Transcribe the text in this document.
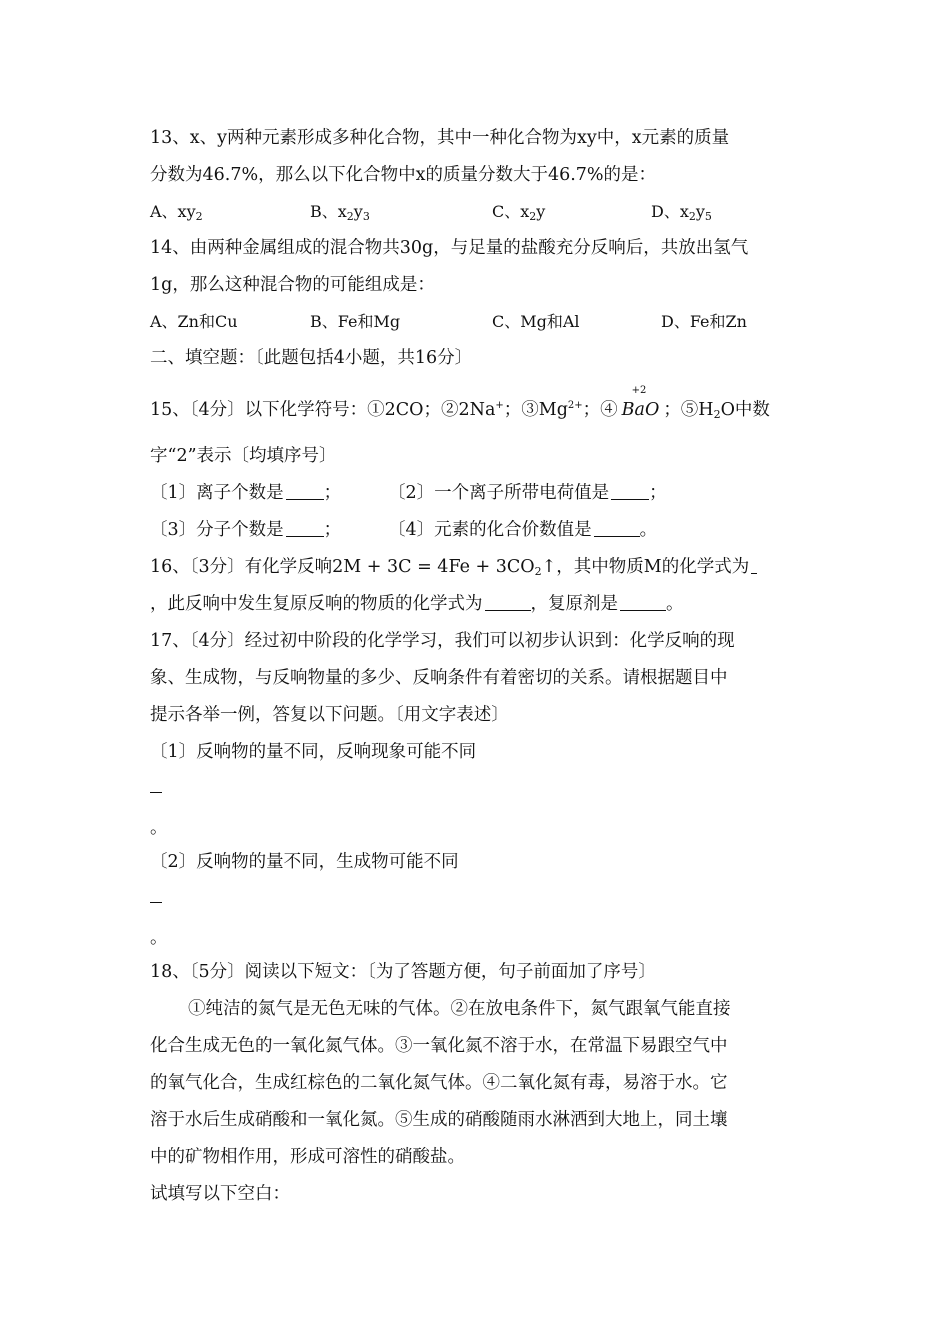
13、x、y两种元素形成多种化合物，其中一种化合物为xy中，x元素的质量
分数为46.7%，那么以下化合物中x的质量分数大于46.7%的是：
A、$xy_2$	B、$x_2y_3$	C、$x_2y$	D、$x_2y_5$
14、由两种金属组成的混合物共30g，与足量的盐酸充分反响后，共放出氢气
1g，那么这种混合物的可能组成是：
A、Zn和Cu	B、Fe和Mg	C、Mg和Al	D、Fe和Zn
二、填空题：〔此题包括4小题，共16分〕
15、〔4分〕以下化学符号：①2CO；②2Na+；$③Mg^{2+}$；④
+2
BaO ；$⑤H_2O$中数
字“2”表示〔均填序号〕
〔1〕离子个数是 ；	〔2〕一个离子所带电荷值是 ；
〔3〕分子个数是 ；	〔4〕元素的化合价数值是	。
16、〔3分〕有化学反响$2M + 3C = 4Fe + 3CO_2↑$，其中物质M的化学式为
，此反响中发生复原反响的物质的化学式为	，复原剂是	。
17、〔4分〕经过初中阶段的化学学习，我们可以初步认识到：化学反响的现
象、生成物，与反响物量的多少、反响条件有着密切的关系。请根据题目中
提示各举一例，答复以下问题。〔用文字表述〕
〔1〕反响物的量不同，反响现象可能不同
。
〔2〕反响物的量不同，生成物可能不同
。
18、〔5分〕阅读以下短文：〔为了答题方便，句子前面加了序号〕
①纯洁的氮气是无色无味的气体。②在放电条件下，氮气跟氧气能直接
化合生成无色的一氧化氮气体。③一氧化氮不溶于水，在常温下易跟空气中
的氧气化合，生成红棕色的二氧化氮气体。④二氧化氮有毒，易溶于水。它
溶于水后生成硝酸和一氧化氮。⑤生成的硝酸随雨水淋洒到大地上，同土壤
中的矿物相作用，形成可溶性的硝酸盐。
试填写以下空白：
